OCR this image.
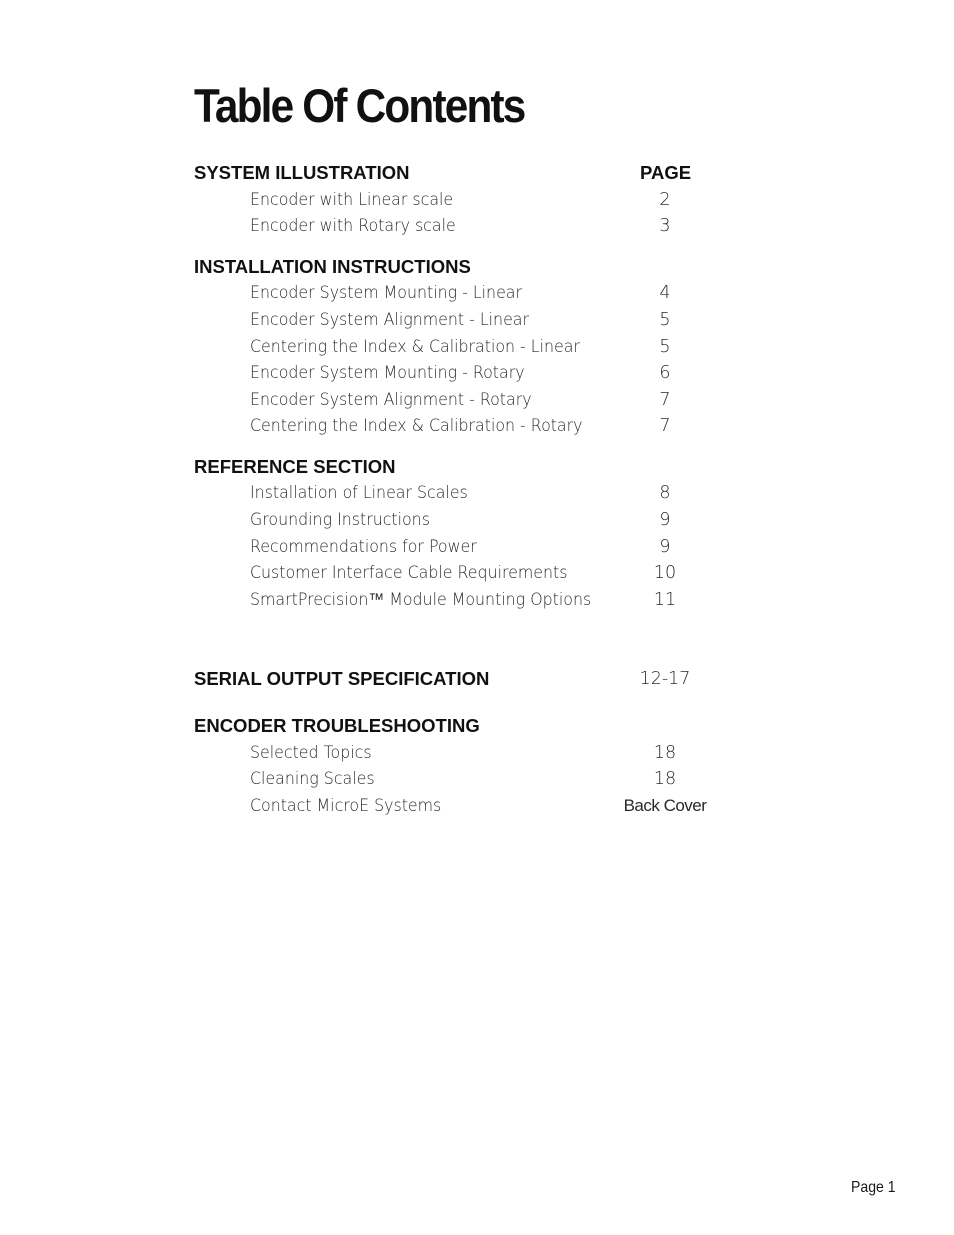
Table Of Contents
SYSTEM ILLUSTRATION	PAGE
Encoder with Linear scale	2
Encoder with Rotary scale	3
INSTALLATION INSTRUCTIONS
Encoder System Mounting - Linear	4
Encoder System Alignment - Linear	5
Centering the Index & Calibration - Linear	5
Encoder System Mounting - Rotary	6
Encoder System Alignment - Rotary	7
Centering the Index & Calibration - Rotary	7
REFERENCE SECTION
Installation of Linear Scales	8
Grounding Instructions	9
Recommendations for Power	9
Customer Interface Cable Requirements	10
SmartPrecision™ Module Mounting Options	11
SERIAL OUTPUT SPECIFICATION	12-17
ENCODER TROUBLESHOOTING
Selected Topics	18
Cleaning Scales	18
Contact MicroE Systems	Back Cover
Page 1
